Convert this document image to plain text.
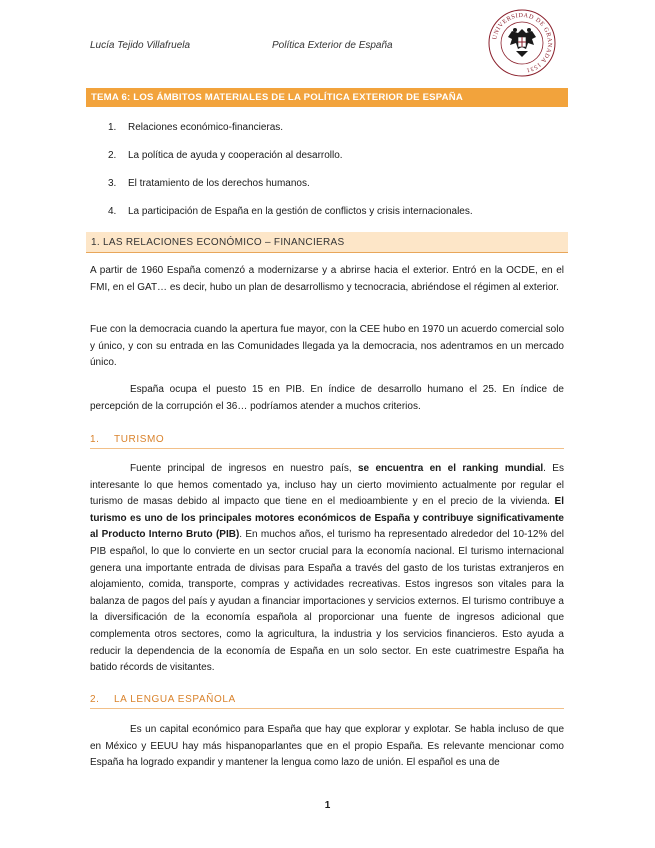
Lucía Tejido Villafruela	Política Exterior de España
UNIVERSIDAD DE GRANADA 1531
TEMA 6: LOS ÁMBITOS MATERIALES DE LA POLÍTICA EXTERIOR DE ESPAÑA
1.	Relaciones económico-financieras.
2.	La política de ayuda y cooperación al desarrollo.
3.	El tratamiento de los derechos humanos.
4.	La participación de España en la gestión de conflictos y crisis internacionales.
1. LAS RELACIONES ECONÓMICO – FINANCIERAS

A partir de 1960 España comenzó a modernizarse y a abrirse hacia el exterior. Entró en la OCDE, en el FMI, en el GAT… es decir, hubo un plan de desarrollismo y tecnocracia, abriéndose el régimen al exterior.

Fue con la democracia cuando la apertura fue mayor, con la CEE hubo en 1970 un acuerdo comercial solo y único, y con su entrada en las Comunidades llegada ya la democracia, nos adentramos en un mercado único.

España ocupa el puesto 15 en PIB. En índice de desarrollo humano el 25. En índice de percepción de la corrupción el 36… podríamos atender a muchos criterios.

1. TURISMO

Fuente principal de ingresos en nuestro país, se encuentra en el ranking mundial. Es interesante lo que hemos comentado ya, incluso hay un cierto movimiento actualmente por regular el turismo de masas debido al impacto que tiene en el medioambiente y en el precio de la vivienda. El turismo es uno de los principales motores económicos de España y contribuye significativamente al Producto Interno Bruto (PIB). En muchos años, el turismo ha representado alrededor del 10-12% del PIB español, lo que lo convierte en un sector crucial para la economía nacional. El turismo internacional genera una importante entrada de divisas para España a través del gasto de los turistas extranjeros en alojamiento, comida, transporte, compras y actividades recreativas. Estos ingresos son vitales para la balanza de pagos del país y ayudan a financiar importaciones y servicios externos. El turismo contribuye a la diversificación de la economía española al proporcionar una fuente de ingresos adicional que complementa otros sectores, como la agricultura, la industria y los servicios financieros. Esto ayuda a reducir la dependencia de la economía de España en un solo sector. En este cuatrimestre España ha batido récords de visitantes.

2. LA LENGUA ESPAÑOLA

Es un capital económico para España que hay que explorar y explotar. Se habla incluso de que en México y EEUU hay más hispanoparlantes que en el propio España. Es relevante mencionar como España ha logrado expandir y mantener la lengua como lazo de unión. El español es una de

1
